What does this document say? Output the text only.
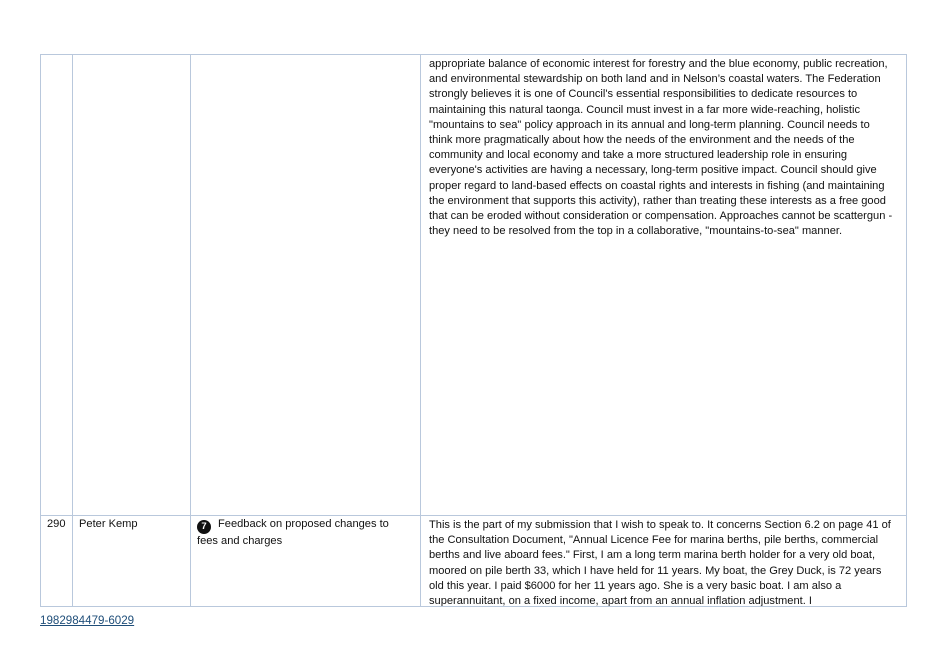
			appropriate balance of economic interest for forestry and the blue economy, public recreation, and environmental stewardship on both land and in Nelson’s coastal waters. The Federation strongly believes it is one of Council's essential responsibilities to dedicate resources to maintaining this natural taonga. Council must invest in a far more wide-reaching, holistic "mountains to sea" policy approach in its annual and long-term planning. Council needs to think more pragmatically about how the needs of the environment and the needs of the community and local economy and take a more structured leadership role in ensuring everyone's activities are having a necessary, long-term positive impact. Council should give proper regard to land-based effects on coastal rights and interests in fishing (and maintaining the environment that supports this activity), rather than treating these interests as a free good that can be eroded without consideration or compensation. Approaches cannot be scattergun - they need to be resolved from the top in a collaborative, "mountains-to-sea" manner.

290	Peter Kemp	7 Feedback on proposed changes to fees and charges	This is the part of my submission that I wish to speak to. It concerns Section 6.2 on page 41 of the Consultation Document, "Annual Licence Fee for marina berths, pile berths, commercial berths and live aboard fees." First, I am a long term marina berth holder for a very old boat, moored on pile berth 33, which I have held for 11 years. My boat, the Grey Duck, is 72 years old this year. I paid $6000 for her 11 years ago. She is a very basic boat. I am also a superannuitant, on a fixed income, apart from an annual inflation adjustment. I

1982984479-6029
